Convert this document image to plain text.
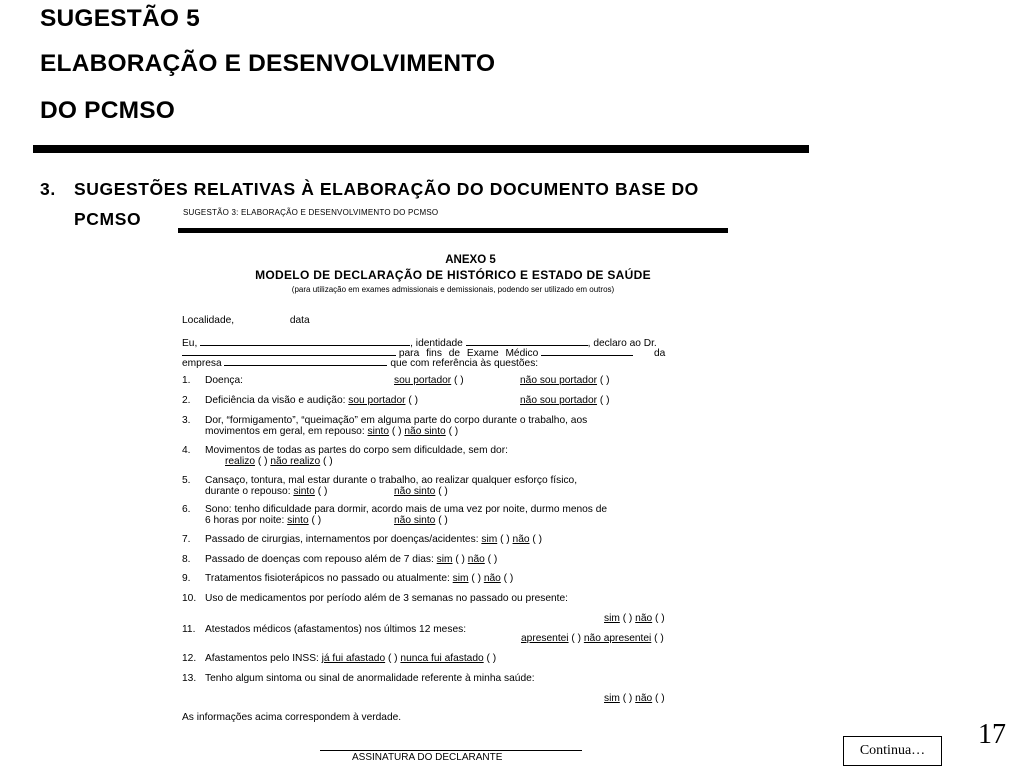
SUGESTÃO 5
ELABORAÇÃO E DESENVOLVIMENTO
DO PCMSO
3. SUGESTÕES RELATIVAS À ELABORAÇÃO DO DOCUMENTO BASE DO
PCMSO	SUGESTÃO 3: ELABORAÇÃO E DESENVOLVIMENTO DO PCMSO
ANEXO 5
MODELO DE DECLARAÇÃO DE HISTÓRICO E ESTADO DE SAÚDE
(para utilização em exames admissionais e demissionais, podendo ser utilizado em outros)
Localidade,	data
Eu,	, identidade	, declaro ao Dr.
para fins de Exame Médico	da
empresa	que com referência às questões:
1. Doença:	sou portador ( )	não sou portador ( )
2. Deficiência da visão e audição: sou portador ( )	não sou portador ( )
3. Dor, “formigamento”, “queimação” em alguma parte do corpo durante o trabalho, aos
movimentos em geral, em repouso: sinto ( ) não sinto ( )
4. Movimentos de todas as partes do corpo sem dificuldade, sem dor:
realizo ( ) não realizo ( )
5. Cansaço, tontura, mal estar durante o trabalho, ao realizar qualquer esforço físico,
durante o repouso: sinto ( )	não sinto ( )
6. Sono: tenho dificuldade para dormir, acordo mais de uma vez por noite, durmo menos de
6 horas por noite: sinto ( )	não sinto ( )
7. Passado de cirurgias, internamentos por doenças/acidentes: sim ( ) não ( )
8. Passado de doenças com repouso além de 7 dias: sim ( ) não ( )
9. Tratamentos fisioterápicos no passado ou atualmente: sim ( ) não ( )
10. Uso de medicamentos por período além de 3 semanas no passado ou presente:
sim ( ) não ( )
11. Atestados médicos (afastamentos) nos últimos 12 meses:
apresentei ( ) não apresentei ( )
12. Afastamentos pelo INSS: já fui afastado ( ) nunca fui afastado ( )
13. Tenho algum sintoma ou sinal de anormalidade referente à minha saúde:
sim ( ) não ( )
As informações acima correspondem à verdade.
ASSINATURA DO DECLARANTE	Continua…
17
